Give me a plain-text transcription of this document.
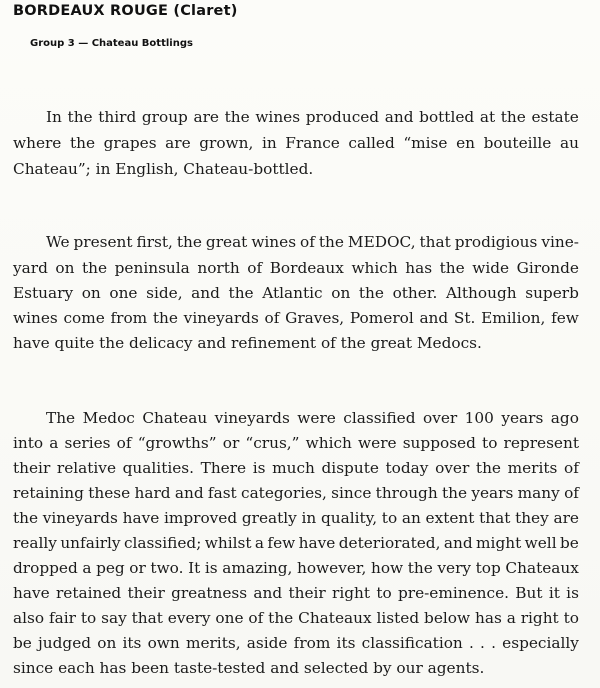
BORDEAUX ROUGE (Claret)
Group 3 — Chateau Bottlings
In the third group are the wines produced and bottled at the estate
where the grapes are grown, in France called “mise en bouteille au
Chateau”; in English, Chateau-bottled.
We present first, the great wines of the MEDOC, that prodigious vine-
yard on the peninsula north of Bordeaux which has the wide Gironde
Estuary on one side, and the Atlantic on the other. Although superb
wines come from the vineyards of Graves, Pomerol and St. Emilion, few
have quite the delicacy and refinement of the great Medocs.
The Medoc Chateau vineyards were classified over 100 years ago
into a series of “growths” or “crus,” which were supposed to represent
their relative qualities. There is much dispute today over the merits of
retaining these hard and fast categories, since through the years many of
the vineyards have improved greatly in quality, to an extent that they are
really unfairly classified; whilst a few have deteriorated, and might well be
dropped a peg or two. It is amazing, however, how the very top Chateaux
have retained their greatness and their right to pre-eminence. But it is
also fair to say that every one of the Chateaux listed below has a right to
be judged on its own merits, aside from its classification . . . especially
since each has been taste-tested and selected by our agents.
